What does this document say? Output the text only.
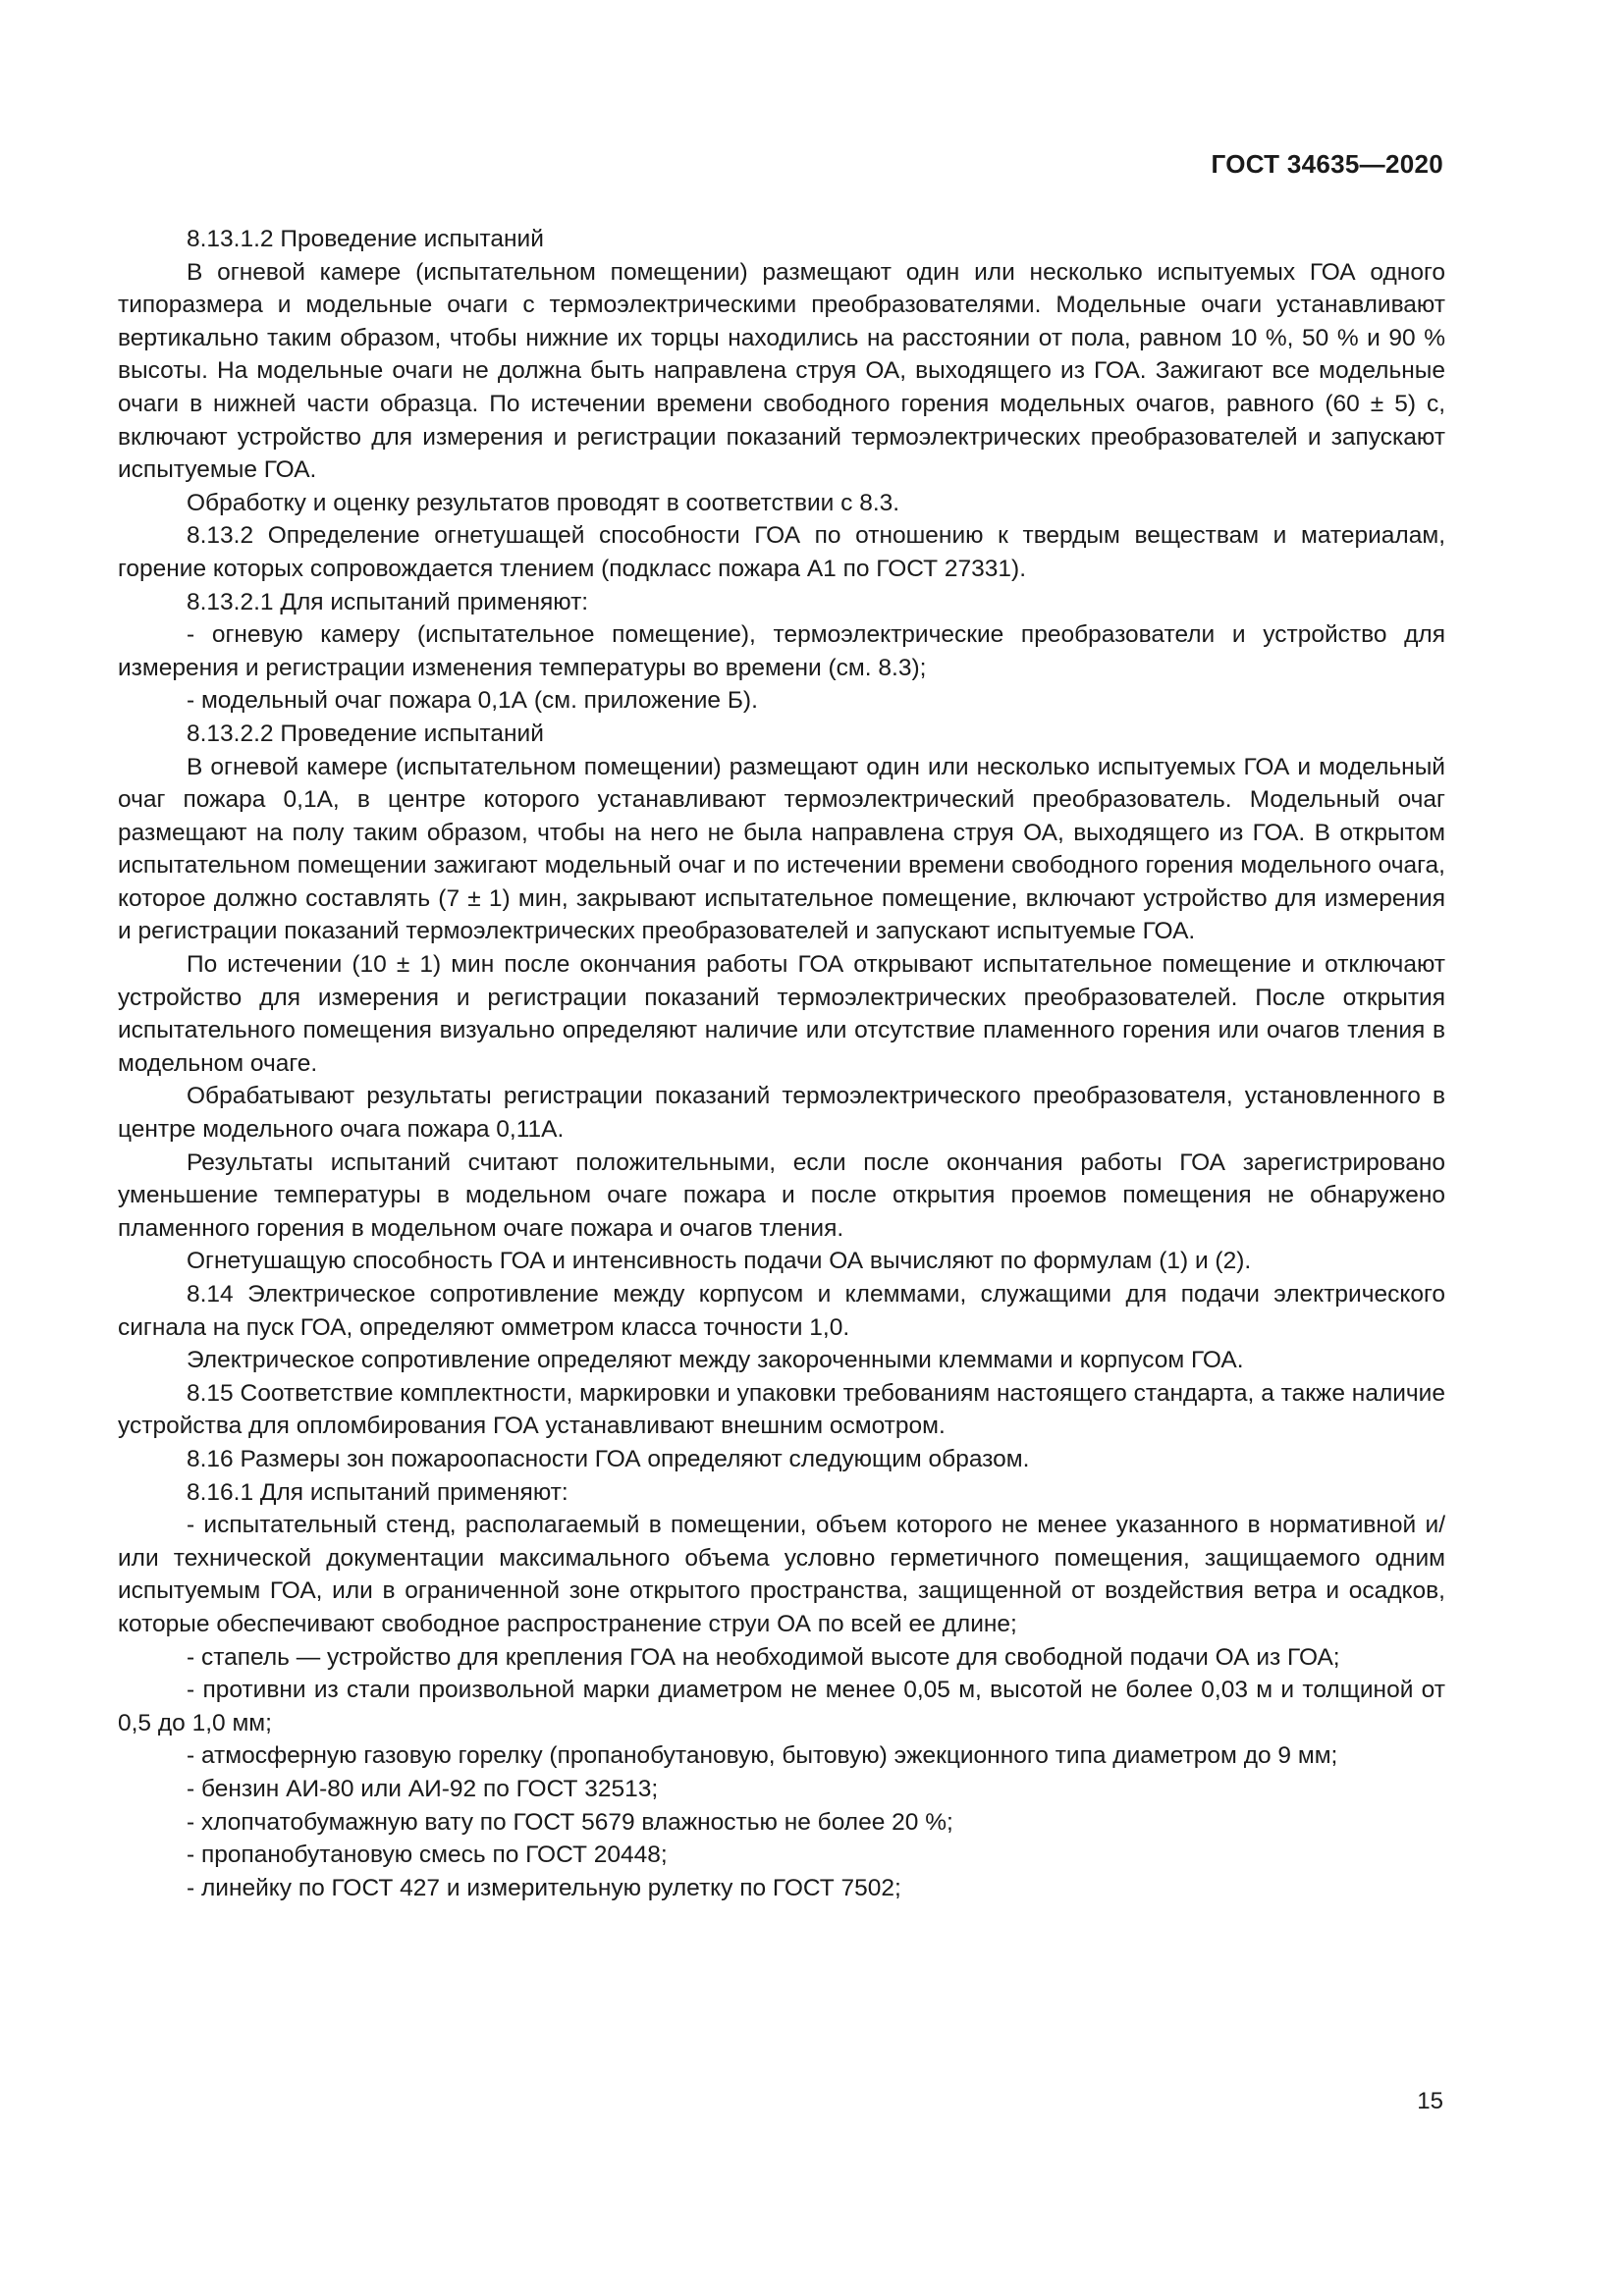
ГОСТ 34635—2020

8.13.1.2 Проведение испытаний

В огневой камере (испытательном помещении) размещают один или несколько испытуемых ГОА одного типоразмера и модельные очаги с термоэлектрическими преобразователями. Модельные очаги устанавливают вертикально таким образом, чтобы нижние их торцы находились на расстоянии от пола, равном 10 %, 50 % и 90 % высоты. На модельные очаги не должна быть направлена струя ОА, выходящего из ГОА. Зажигают все модельные очаги в нижней части образца. По истечении времени свободного горения модельных очагов, равного (60 ± 5) с, включают устройство для измерения и регистрации показаний термоэлектрических преобразователей и запускают испытуемые ГОА.

Обработку и оценку результатов проводят в соответствии с 8.3.

8.13.2 Определение огнетушащей способности ГОА по отношению к твердым веществам и материалам, горение которых сопровождается тлением (подкласс пожара А1 по ГОСТ 27331).

8.13.2.1 Для испытаний применяют:

- огневую камеру (испытательное помещение), термоэлектрические преобразователи и устройство для измерения и регистрации изменения температуры во времени (см. 8.3);

- модельный очаг пожара 0,1А (см. приложение Б).

8.13.2.2 Проведение испытаний

В огневой камере (испытательном помещении) размещают один или несколько испытуемых ГОА и модельный очаг пожара 0,1А, в центре которого устанавливают термоэлектрический преобразователь. Модельный очаг размещают на полу таким образом, чтобы на него не была направлена струя ОА, выходящего из ГОА. В открытом испытательном помещении зажигают модельный очаг и по истечении времени свободного горения модельного очага, которое должно составлять (7 ± 1) мин, закрывают испытательное помещение, включают устройство для измерения и регистрации показаний термоэлектрических преобразователей и запускают испытуемые ГОА.

По истечении (10 ± 1) мин после окончания работы ГОА открывают испытательное помещение и отключают устройство для измерения и регистрации показаний термоэлектрических преобразователей. После открытия испытательного помещения визуально определяют наличие или отсутствие пламенного горения или очагов тления в модельном очаге.

Обрабатывают результаты регистрации показаний термоэлектрического преобразователя, установленного в центре модельного очага пожара 0,11А.

Результаты испытаний считают положительными, если после окончания работы ГОА зарегистрировано уменьшение температуры в модельном очаге пожара и после открытия проемов помещения не обнаружено пламенного горения в модельном очаге пожара и очагов тления.

Огнетушащую способность ГОА и интенсивность подачи ОА вычисляют по формулам (1) и (2).

8.14 Электрическое сопротивление между корпусом и клеммами, служащими для подачи электрического сигнала на пуск ГОА, определяют омметром класса точности 1,0.

Электрическое сопротивление определяют между закороченными клеммами и корпусом ГОА.

8.15 Соответствие комплектности, маркировки и упаковки требованиям настоящего стандарта, а также наличие устройства для опломбирования ГОА устанавливают внешним осмотром.

8.16 Размеры зон пожароопасности ГОА определяют следующим образом.

8.16.1 Для испытаний применяют:

- испытательный стенд, располагаемый в помещении, объем которого не менее указанного в нормативной и/или технической документации максимального объема условно герметичного помещения, защищаемого одним испытуемым ГОА, или в ограниченной зоне открытого пространства, защищенной от воздействия ветра и осадков, которые обеспечивают свободное распространение струи ОА по всей ее длине;

- стапель — устройство для крепления ГОА на необходимой высоте для свободной подачи ОА из ГОА;

- противни из стали произвольной марки диаметром не менее 0,05 м, высотой не более 0,03 м и толщиной от 0,5 до 1,0 мм;

- атмосферную газовую горелку (пропанобутановую, бытовую) эжекционного типа диаметром до 9 мм;

- бензин АИ-80 или АИ-92 по ГОСТ 32513;

- хлопчатобумажную вату по ГОСТ 5679 влажностью не более 20 %;

- пропанобутановую смесь по ГОСТ 20448;

- линейку по ГОСТ 427 и измерительную рулетку по ГОСТ 7502;

15
